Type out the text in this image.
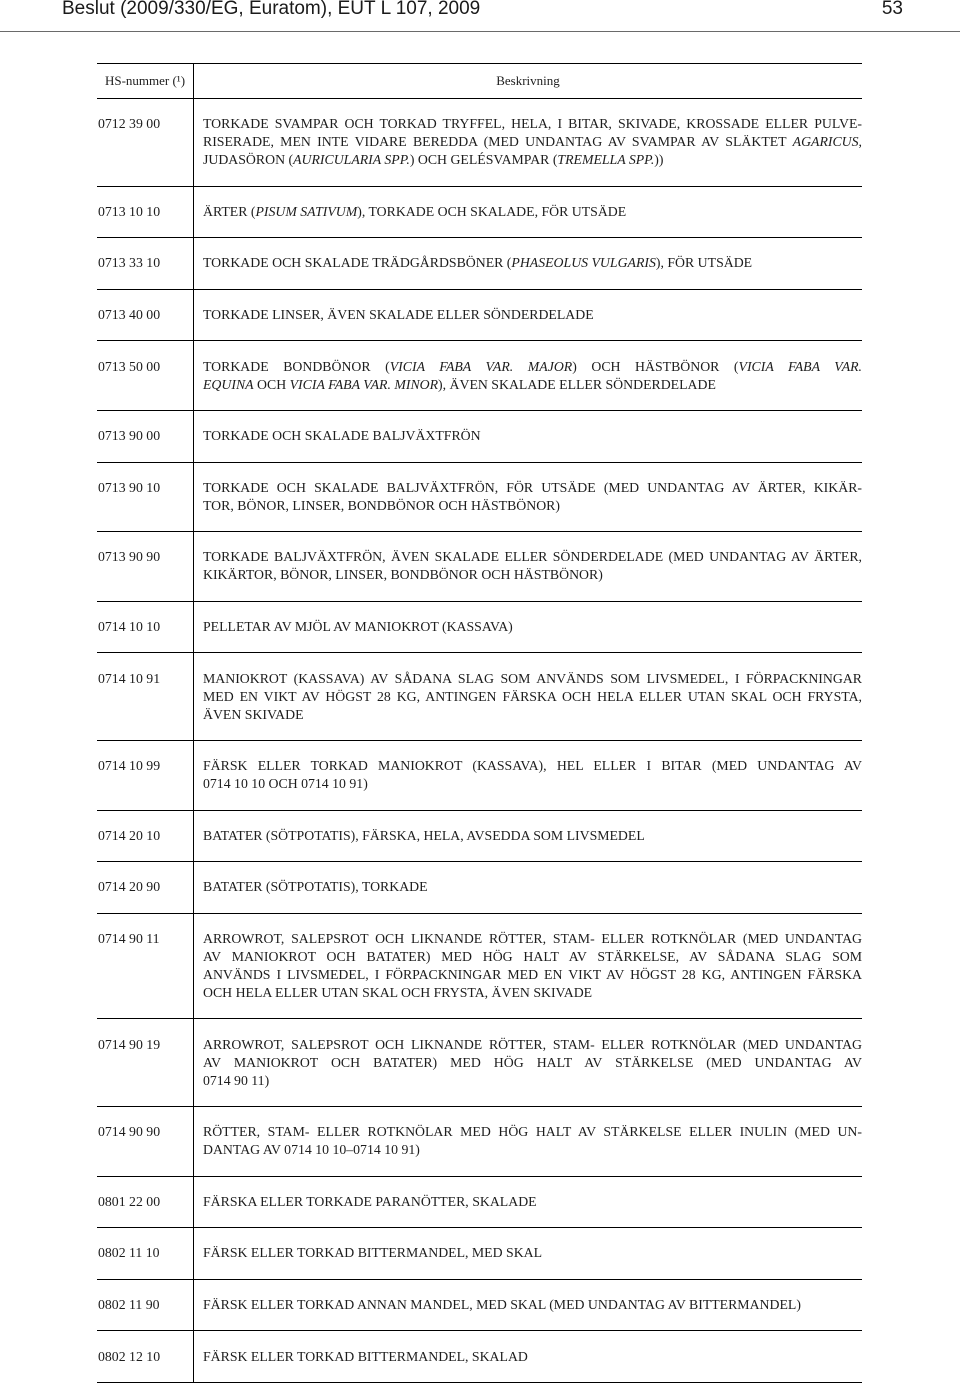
Beslut (2009/330/EG, Euratom), EUT L 107, 2009	53
HS-nummer (¹)	Beskrivning
0712 39 00	TORKADE SVAMPAR OCH TORKAD TRYFFEL, HELA, I BITAR, SKIVADE, KROSSADE ELLER PULVE-
RISERADE, MEN INTE VIDARE BEREDDA (MED UNDANTAG AV SVAMPAR AV SLÄKTET AGARICUS,
JUDASÖRON (AURICULARIA SPP.) OCH GELÉSVAMPAR (TREMELLA SPP.))
0713 10 10	ÄRTER (PISUM SATIVUM), TORKADE OCH SKALADE, FÖR UTSÄDE
0713 33 10	TORKADE OCH SKALADE TRÄDGÅRDSBÖNER (PHASEOLUS VULGARIS), FÖR UTSÄDE
0713 40 00	TORKADE LINSER, ÄVEN SKALADE ELLER SÖNDERDELADE
0713 50 00	TORKADE BONDBÖNOR (VICIA FABA VAR. MAJOR) OCH HÄSTBÖNOR (VICIA FABA VAR.
EQUINA OCH VICIA FABA VAR. MINOR), ÄVEN SKALADE ELLER SÖNDERDELADE
0713 90 00	TORKADE OCH SKALADE BALJVÄXTFRÖN
0713 90 10	TORKADE OCH SKALADE BALJVÄXTFRÖN, FÖR UTSÄDE (MED UNDANTAG AV ÄRTER, KIKÄR-
TOR, BÖNOR, LINSER, BONDBÖNOR OCH HÄSTBÖNOR)
0713 90 90	TORKADE BALJVÄXTFRÖN, ÄVEN SKALADE ELLER SÖNDERDELADE (MED UNDANTAG AV ÄRTER,
KIKÄRTOR, BÖNOR, LINSER, BONDBÖNOR OCH HÄSTBÖNOR)
0714 10 10	PELLETAR AV MJÖL AV MANIOKROT (KASSAVA)
0714 10 91	MANIOKROT (KASSAVA) AV SÅDANA SLAG SOM ANVÄNDS SOM LIVSMEDEL, I FÖRPACKNINGAR
MED EN VIKT AV HÖGST 28 KG, ANTINGEN FÄRSKA OCH HELA ELLER UTAN SKAL OCH FRYSTA,
ÄVEN SKIVADE
0714 10 99	FÄRSK ELLER TORKAD MANIOKROT (KASSAVA), HEL ELLER I BITAR (MED UNDANTAG AV
0714 10 10 OCH 0714 10 91)
0714 20 10	BATATER (SÖTPOTATIS), FÄRSKA, HELA, AVSEDDA SOM LIVSMEDEL
0714 20 90	BATATER (SÖTPOTATIS), TORKADE
0714 90 11	ARROWROT, SALEPSROT OCH LIKNANDE RÖTTER, STAM- ELLER ROTKNÖLAR (MED UNDANTAG
AV MANIOKROT OCH BATATER) MED HÖG HALT AV STÄRKELSE, AV SÅDANA SLAG SOM
ANVÄNDS I LIVSMEDEL, I FÖRPACKNINGAR MED EN VIKT AV HÖGST 28 KG, ANTINGEN FÄRSKA
OCH HELA ELLER UTAN SKAL OCH FRYSTA, ÄVEN SKIVADE
0714 90 19	ARROWROT, SALEPSROT OCH LIKNANDE RÖTTER, STAM- ELLER ROTKNÖLAR (MED UNDANTAG
AV MANIOKROT OCH BATATER) MED HÖG HALT AV STÄRKELSE (MED UNDANTAG AV
0714 90 11)
0714 90 90	RÖTTER, STAM- ELLER ROTKNÖLAR MED HÖG HALT AV STÄRKELSE ELLER INULIN (MED UN-
DANTAG AV 0714 10 10–0714 10 91)
0801 22 00	FÄRSKA ELLER TORKADE PARANÖTTER, SKALADE
0802 11 10	FÄRSK ELLER TORKAD BITTERMANDEL, MED SKAL
0802 11 90	FÄRSK ELLER TORKAD ANNAN MANDEL, MED SKAL (MED UNDANTAG AV BITTERMANDEL)
0802 12 10	FÄRSK ELLER TORKAD BITTERMANDEL, SKALAD
